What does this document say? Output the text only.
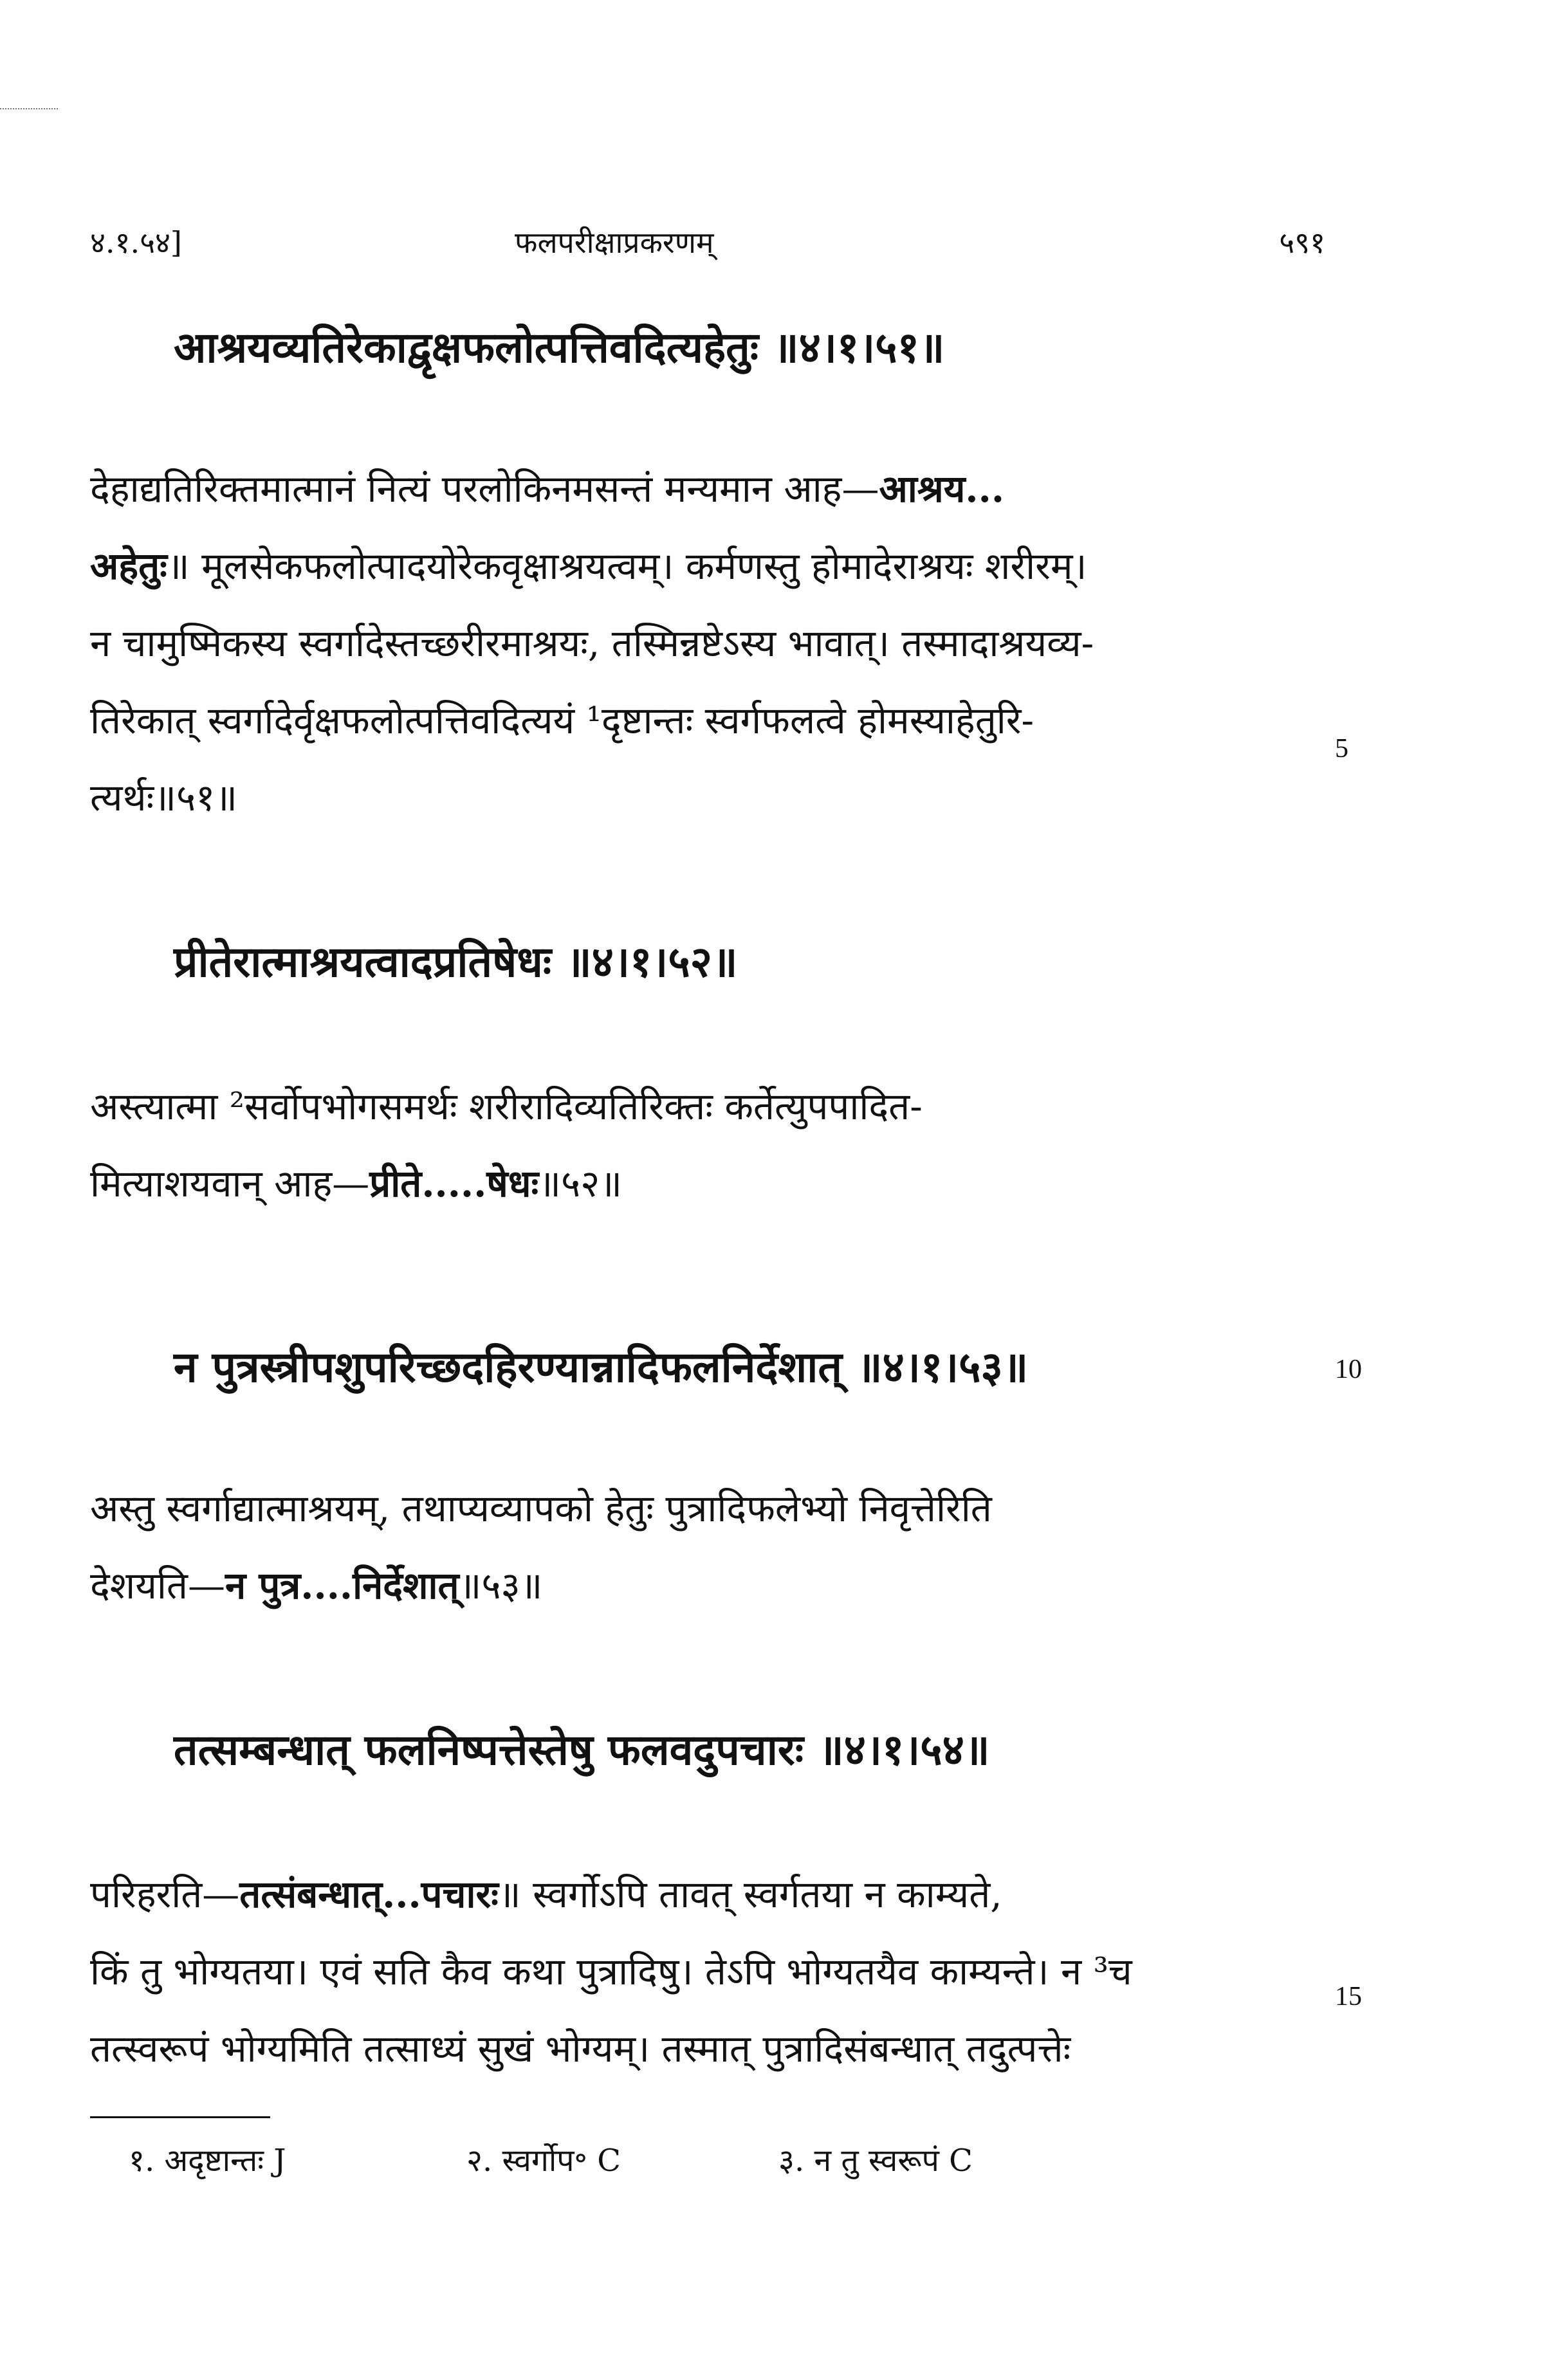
४.१.५४]	फलपरीक्षाप्रकरणम्	५९१
आश्रयव्यतिरेकाद्वृक्षफलोत्पत्तिवदित्यहेतुः ॥४।१।५१॥
देहाद्यतिरिक्तमात्मानं नित्यं परलोकिनमसन्तं मन्यमान आह—आश्रय...
अहेतुः॥ मूलसेकफलोत्पादयोरेकवृक्षाश्रयत्वम्। कर्मणस्तु होमादेराश्रयः शरीरम्।
न चामुष्मिकस्य स्वर्गादेस्तच्छरीरमाश्रयः, तस्मिन्नष्टेऽस्य भावात्। तस्मादाश्रयव्य-
तिरेकात् स्वर्गादेर्वृक्षफलोत्पत्तिवदित्ययं ¹दृष्टान्तः स्वर्गफलत्वे होमस्याहेतुरि-
त्यर्थः॥५१॥
5
प्रीतेरात्माश्रयत्वादप्रतिषेधः ॥४।१।५२॥
अस्त्यात्मा ²सर्वोपभोगसमर्थः शरीरादिव्यतिरिक्तः कर्तेत्युपपादित-
मित्याशयवान् आह—प्रीते.....षेधः॥५२॥
न पुत्रस्त्रीपशुपरिच्छदहिरण्यान्नादिफलनिर्देशात् ॥४।१।५३॥	10
अस्तु स्वर्गाद्यात्माश्रयम्, तथाप्यव्यापको हेतुः पुत्रादिफलेभ्यो निवृत्तेरिति
देशयति—न पुत्र....निर्देशात्॥५३॥
तत्सम्बन्धात् फलनिष्पत्तेस्तेषु फलवदुपचारः ॥४।१।५४॥
परिहरति—तत्संबन्धात्...पचारः॥ स्वर्गोऽपि तावत् स्वर्गतया न काम्यते,
किं तु भोग्यतया। एवं सति कैव कथा पुत्रादिषु। तेऽपि भोग्यतयैव काम्यन्ते। न ³च
तत्स्वरूपं भोग्यमिति तत्साध्यं सुखं भोग्यम्। तस्मात् पुत्रादिसंबन्धात् तदुत्पत्तेः
15
१. अदृष्टान्तः J	२. स्वर्गोप॰ C	३. न तु स्वरूपं C
